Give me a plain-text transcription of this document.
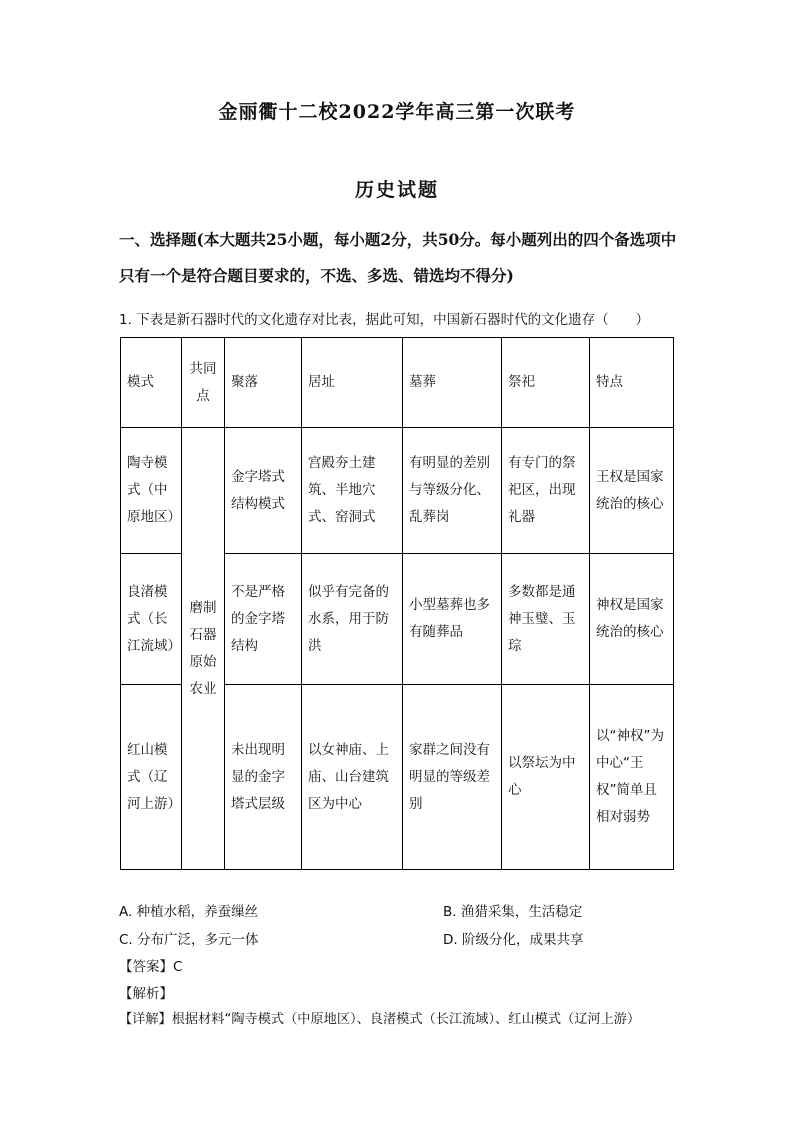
金丽衢十二校2022学年高三第一次联考
历史试题
一、选择题(本大题共25小题，每小题2分，共50分。每小题列出的四个备选项中只有一个是符合题目要求的，不选、多选、错选均不得分)
1. 下表是新石器时代的文化遗存对比表，据此可知，中国新石器时代的文化遗存（　　）
模式	共同点	聚落	居址	墓葬	祭祀	特点
陶寺模式（中原地区）	磨制石器原始农业	金字塔式结构模式	宫殿夯土建筑、半地穴式、窑洞式	有明显的差别与等级分化、乱葬岗	有专门的祭祀区，出现礼器	王权是国家统治的核心
良渚模式（长江流域）		不是严格的金字塔结构	似乎有完备的水系，用于防洪	小型墓葬也多有随葬品	多数都是通神玉璧、玉琮	神权是国家统治的核心
红山模式（辽河上游）		未出现明显的金字塔式层级	以女神庙、上庙、山台建筑区为中心	家群之间没有明显的等级差别	以祭坛为中心	以“神权”为中心“王权”简单且相对弱势
A. 种植水稻，养蚕缫丝	B. 渔猎采集，生活稳定
C. 分布广泛，多元一体	D. 阶级分化，成果共享
【答案】C
【解析】
【详解】根据材料“陶寺模式（中原地区）、良渚模式（长江流域）、红山模式（辽河上游）
